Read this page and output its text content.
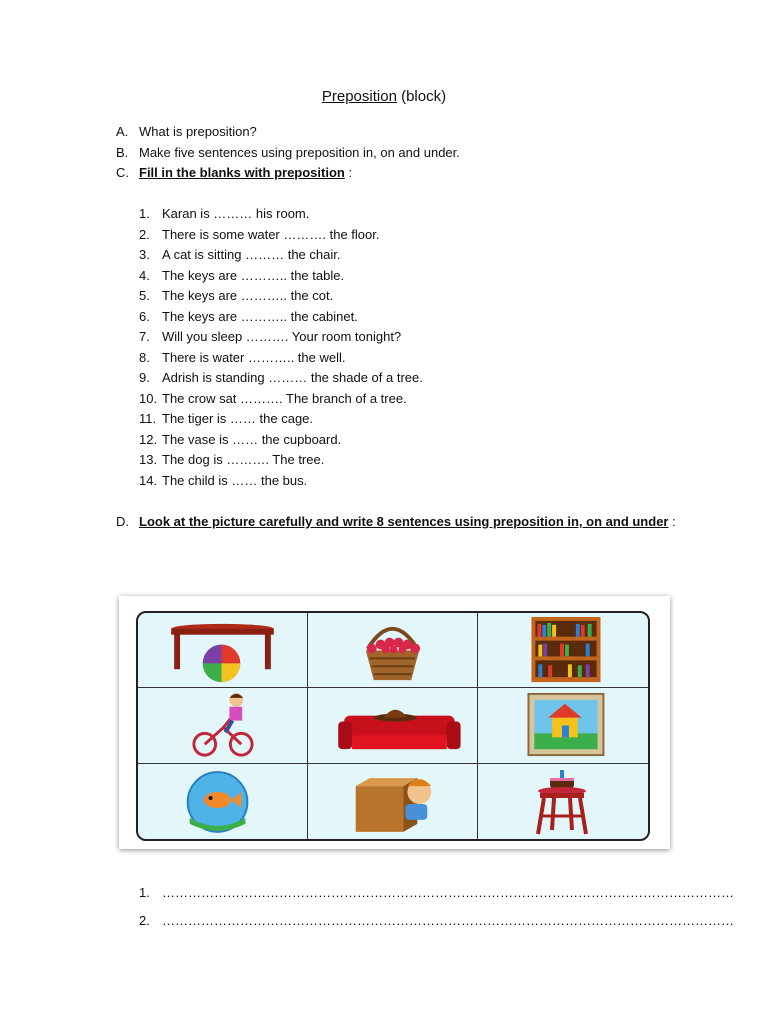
Preposition (block)
A. What is preposition?
B. Make five sentences using preposition in, on and under.
C. Fill in the blanks with preposition :
1. Karan is ……… his room.
2. There is some water ………. the floor.
3. A cat is sitting ……… the chair.
4. The keys are ……….. the table.
5. The keys are ……….. the cot.
6. The keys are ……….. the cabinet.
7. Will you sleep ………. Your room tonight?
8. There is water ……….. the well.
9. Adrish is standing ……… the shade of a tree.
10. The crow sat ………. The branch of a tree.
11. The tiger is …… the cage.
12. The vase is …… the cupboard.
13. The dog is ………. The tree.
14. The child is …… the bus.
D. Look at the picture carefully and write 8 sentences using preposition in, on and under :
1. ……………………………………………………………………………………………………………………
2. ……………………………………………………………………………………………………………………
